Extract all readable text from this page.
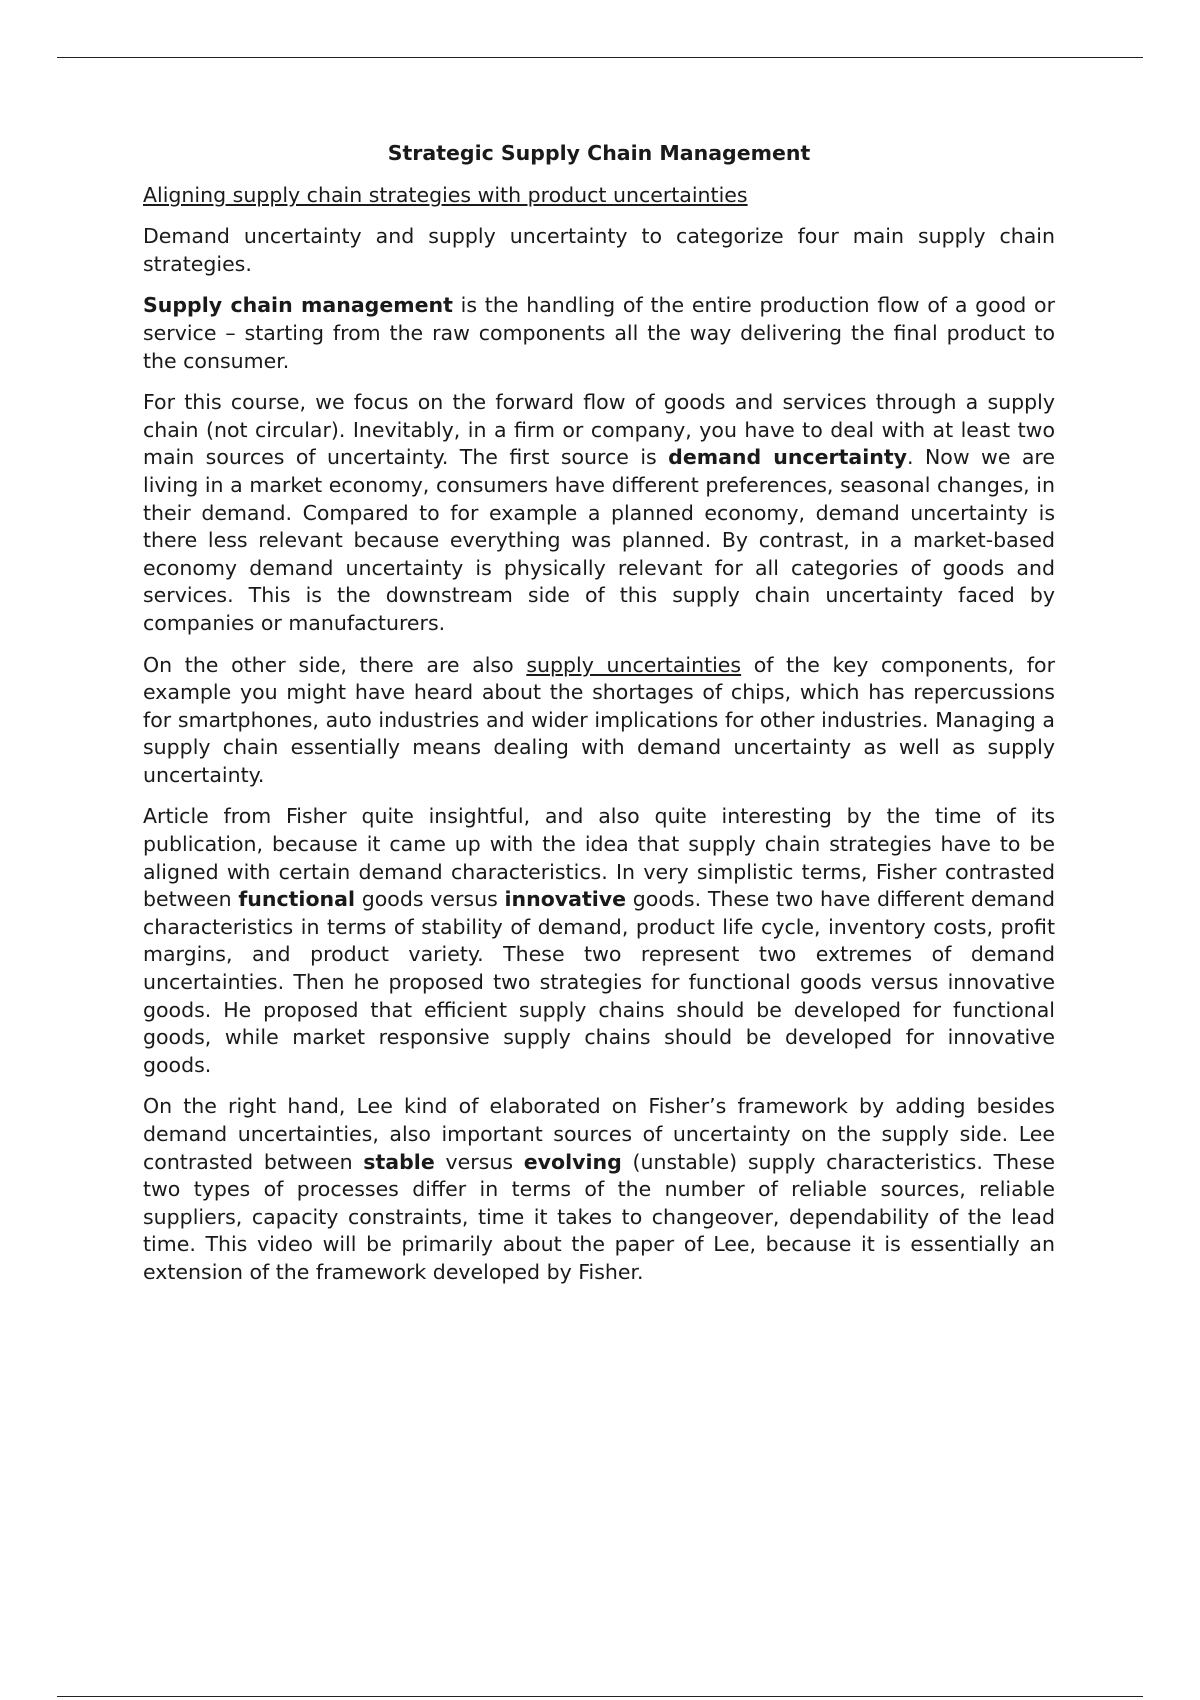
Strategic Supply Chain Management
Aligning supply chain strategies with product uncertainties

Demand uncertainty and supply uncertainty to categorize four main supply chain strategies.

Supply chain management is the handling of the entire production flow of a good or service – starting from the raw components all the way delivering the final product to the consumer.

For this course, we focus on the forward flow of goods and services through a supply chain (not circular). Inevitably, in a firm or company, you have to deal with at least two main sources of uncertainty. The first source is demand uncertainty. Now we are living in a market economy, consumers have different preferences, seasonal changes, in their demand. Compared to for example a planned economy, demand uncertainty is there less relevant because everything was planned. By contrast, in a market-based economy demand uncertainty is physically relevant for all categories of goods and services. This is the downstream side of this supply chain uncertainty faced by companies or manufacturers.

On the other side, there are also supply uncertainties of the key components, for example you might have heard about the shortages of chips, which has repercussions for smartphones, auto industries and wider implications for other industries. Managing a supply chain essentially means dealing with demand uncertainty as well as supply uncertainty.

Article from Fisher quite insightful, and also quite interesting by the time of its publication, because it came up with the idea that supply chain strategies have to be aligned with certain demand characteristics. In very simplistic terms, Fisher contrasted between functional goods versus innovative goods. These two have different demand characteristics in terms of stability of demand, product life cycle, inventory costs, profit margins, and product variety. These two represent two extremes of demand uncertainties. Then he proposed two strategies for functional goods versus innovative goods. He proposed that efficient supply chains should be developed for functional goods, while market responsive supply chains should be developed for innovative goods.

On the right hand, Lee kind of elaborated on Fisher’s framework by adding besides demand uncertainties, also important sources of uncertainty on the supply side. Lee contrasted between stable versus evolving (unstable) supply characteristics. These two types of processes differ in terms of the number of reliable sources, reliable suppliers, capacity constraints, time it takes to changeover, dependability of the lead time. This video will be primarily about the paper of Lee, because it is essentially an extension of the framework developed by Fisher.
